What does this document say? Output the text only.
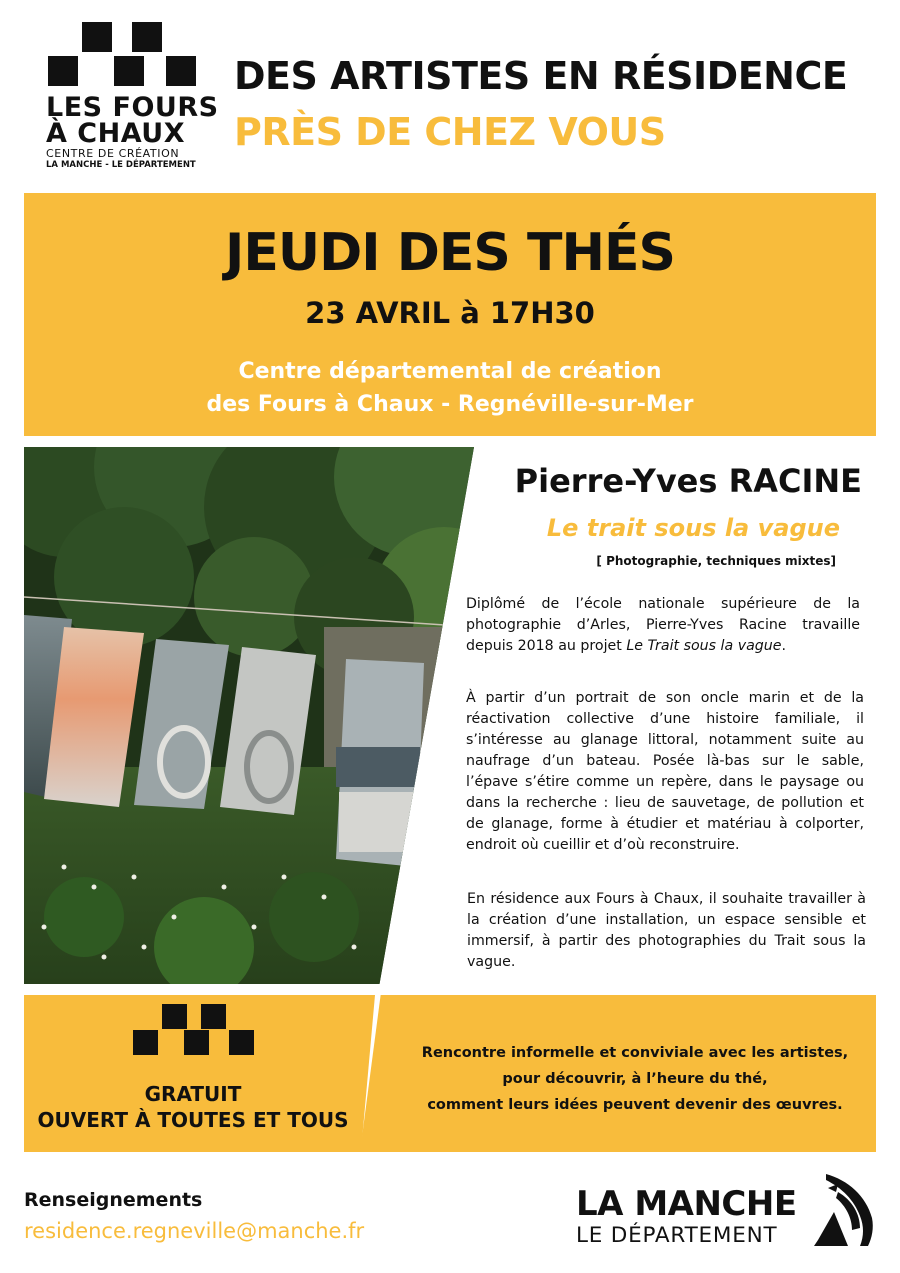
LES FOURS
À CHAUX
CENTRE DE CRÉATION
LA MANCHE - LE DÉPARTEMENT
DES ARTISTES EN RÉSIDENCE
PRÈS DE CHEZ VOUS
JEUDI DES THÉS
23 AVRIL à 17H30
Centre départemental de création
des Fours à Chaux - Regnéville-sur-Mer
Pierre-Yves RACINE
Le trait sous la vague
[ Photographie, techniques mixtes]
Diplômé de l’école nationale supérieure de la photographie d’Arles, Pierre-Yves Racine travaille depuis 2018 au projet Le Trait sous la vague.
À partir d’un portrait de son oncle marin et de la réactivation collective d’une histoire familiale, il s’intéresse au glanage littoral, notamment suite au naufrage d’un bateau. Posée là-bas sur le sable, l’épave s’étire comme un repère, dans le paysage ou dans la recherche : lieu de sauvetage, de pollution et de glanage, forme à étudier et matériau à colporter, endroit où cueillir et d’où reconstruire.
En résidence aux Fours à Chaux, il souhaite travailler à la création d’une installation, un espace sensible et immersif, à partir des photographies du Trait sous la vague.
GRATUIT
OUVERT À TOUTES ET TOUS
Rencontre informelle et conviviale avec les artistes,
pour découvrir, à l’heure du thé,
comment leurs idées peuvent devenir des œuvres.
Renseignements
residence.regneville@manche.fr
LA MANCHE
LE DÉPARTEMENT
